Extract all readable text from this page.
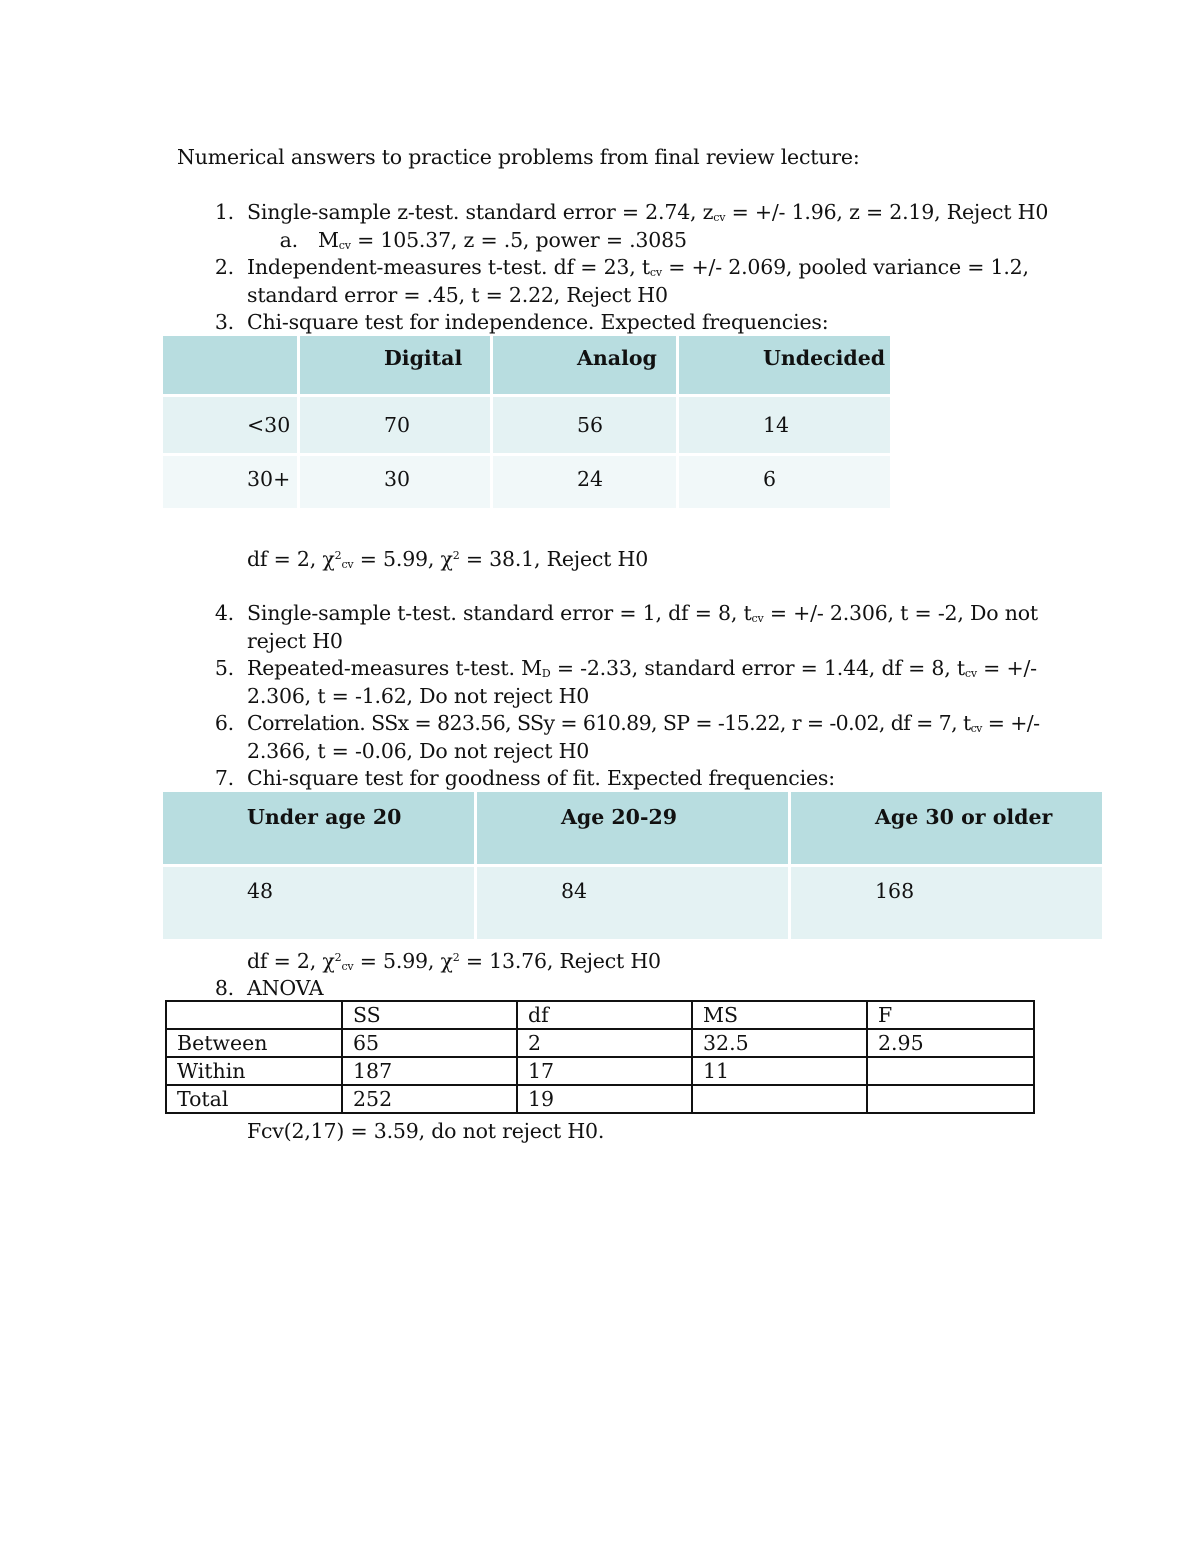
Numerical answers to practice problems from final review lecture:
1. Single-sample z-test. standard error = 2.74, zcv = +/- 1.96, z = 2.19, Reject H0
a. Mcv = 105.37, z = .5, power = .3085
2. Independent-measures t-test. df = 23, tcv = +/- 2.069, pooled variance = 1.2,
standard error = .45, t = 2.22, Reject H0
3. Chi-square test for independence. Expected frequencies:

	Digital	Analog	Undecided

<30	70	56	14

30+	30	24	6
df = 2, $\chi^2cv = 5.99$, $\chi^2 = 38.1$, Reject H0
4. Single-sample t-test. standard error = 1, df = 8, tcv = +/- 2.306, t = -2, Do not
reject H0
5. Repeated-measures t-test. MD = -2.33, standard error = 1.44, df = 8, tcv = +/-
2.306, t = -1.62, Do not reject H0
6. Correlation. SSx = 823.56, SSy = 610.89, SP = -15.22, r = -0.02, df = 7, tcv = +/-
2.366, t = -0.06, Do not reject H0
7. Chi-square test for goodness of fit. Expected frequencies:
Under age 20	Age 20-29	Age 30 or older

48	84	168
df = 2, $\chi^2cv = 5.99$, $\chi^2 = 13.76$, Reject H0
8. ANOVA
	SS	df	MS	F
Between	65	2	32.5	2.95
Within	187	17	11	
Total	252	19		
Fcv(2,17) = 3.59, do not reject H0.
